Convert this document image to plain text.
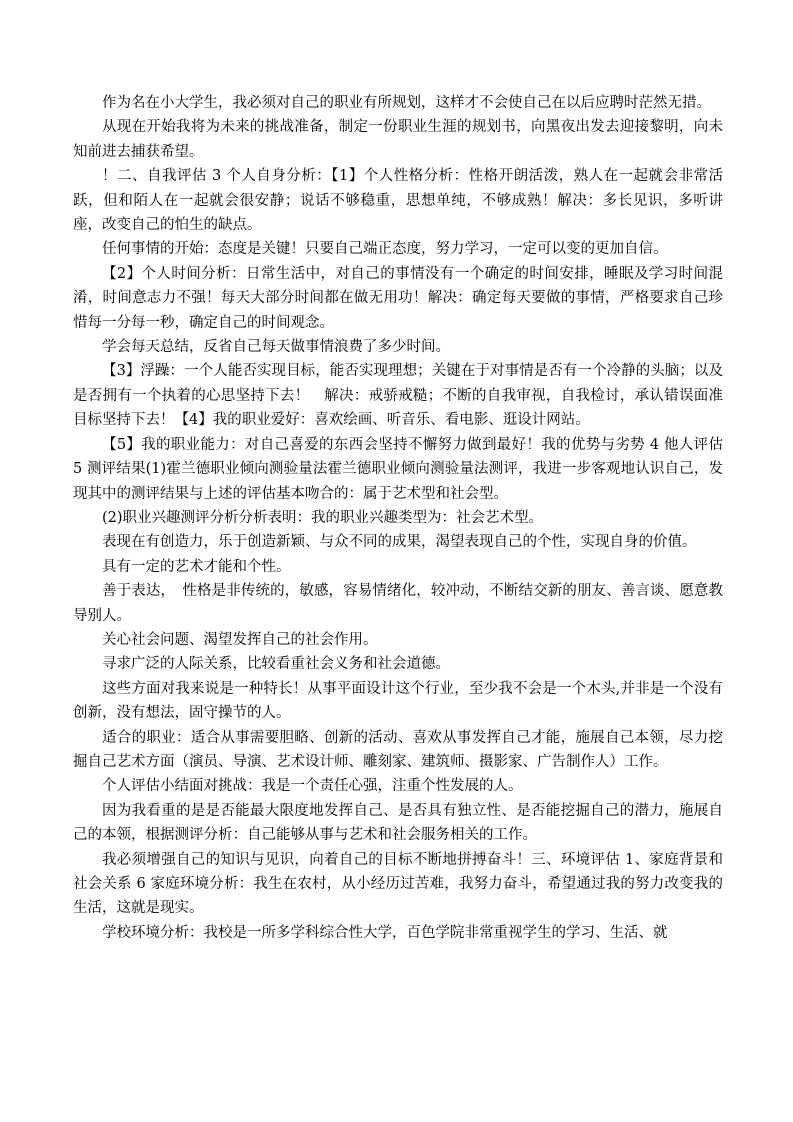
作为名在小大学生，我必须对自己的职业有所规划，这样才不会使自己在以后应聘时茫然无措。

从现在开始我将为未来的挑战准备，制定一份职业生涯的规划书，向黑夜出发去迎接黎明，向未知前进去捕获希望。

！二、自我评估 3 个人自身分析：【1】个人性格分析：性格开朗活泼，熟人在一起就会非常活跃，但和陌人在一起就会很安静；说话不够稳重，思想单纯，不够成熟！解决：多长见识，多听讲座，改变自己的怕生的缺点。

任何事情的开始：态度是关键！只要自己端正态度，努力学习，一定可以变的更加自信。

【2】个人时间分析：日常生活中，对自己的事情没有一个确定的时间安排，睡眠及学习时间混淆，时间意志力不强！每天大部分时间都在做无用功！解决：确定每天要做的事情，严格要求自己珍惜每一分每一秒，确定自己的时间观念。

学会每天总结，反省自己每天做事情浪费了多少时间。

【3】浮躁：一个人能否实现目标，能否实现理想；关键在于对事情是否有一个冷静的头脑；以及是否拥有一个执着的心思坚持下去！　解决：戒骄戒糙；不断的自我审视，自我检讨，承认错误面准目标坚持下去！【4】我的职业爱好：喜欢绘画、听音乐、看电影、逛设计网站。

【5】我的职业能力：对自己喜爱的东西会坚持不懈努力做到最好！我的优势与劣势 4 他人评估 5 测评结果(1)霍兰德职业倾向测验量法霍兰德职业倾向测验量法测评，我进一步客观地认识自己，发现其中的测评结果与上述的评估基本吻合的：属于艺术型和社会型。

(2)职业兴趣测评分析分析表明：我的职业兴趣类型为：社会艺术型。

表现在有创造力，乐于创造新颖、与众不同的成果，渴望表现自己的个性，实现自身的价值。

具有一定的艺术才能和个性。

善于表达，　性格是非传统的，敏感，容易情绪化，较冲动，不断结交新的朋友、善言谈、愿意教导别人。

关心社会问题、渴望发挥自己的社会作用。

寻求广泛的人际关系，比较看重社会义务和社会道德。

这些方面对我来说是一种特长！从事平面设计这个行业，至少我不会是一个木头,并非是一个没有创新，没有想法，固守操节的人。

适合的职业：适合从事需要胆略、创新的活动、喜欢从事发挥自己才能，施展自己本领，尽力挖掘自己艺术方面（演员、导演、艺术设计师、雕刻家、建筑师、摄影家、广告制作人）工作。

个人评估小结面对挑战：我是一个责任心强，注重个性发展的人。

因为我看重的是是否能最大限度地发挥自己、是否具有独立性、是否能挖掘自己的潜力，施展自己的本领，根据测评分析：自己能够从事与艺术和社会服务相关的工作。

我必须增强自己的知识与见识，向着自己的目标不断地拼搏奋斗！三、环境评估 1、家庭背景和社会关系 6 家庭环境分析：我生在农村，从小经历过苦难，我努力奋斗，希望通过我的努力改变我的生活，这就是现实。

学校环境分析：我校是一所多学科综合性大学，百色学院非常重视学生的学习、生活、就
